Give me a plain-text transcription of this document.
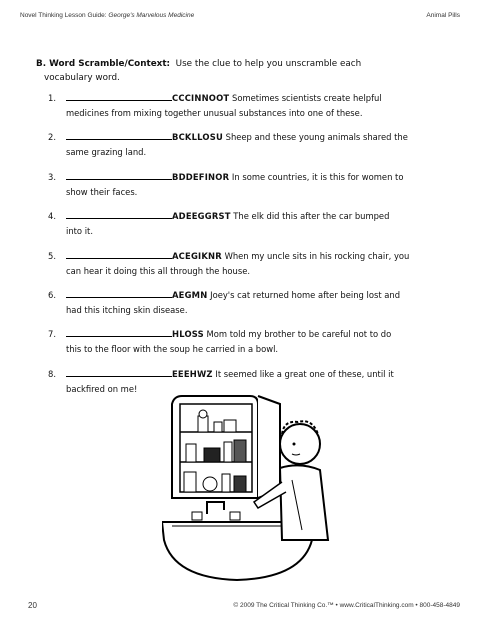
Novel Thinking Lesson Guide: George's Marvelous Medicine	Animal Pills
B. Word Scramble/Context: Use the clue to help you unscramble each
vocabulary word.
1.	CCCINNOOT Sometimes scientists create helpful
medicines from mixing together unusual substances into one of these.
2.	BCKLLOSU Sheep and these young animals shared the
same grazing land.
3.	BDDEFINOR In some countries, it is this for women to
show their faces.
4.	ADEEGGRST The elk did this after the car bumped
into it.
5.	ACEGIKNR When my uncle sits in his rocking chair, you
can hear it doing this all through the house.
6.	AEGMN Joey's cat returned home after being lost and
had this itching skin disease.
7.	HLOSS Mom told my brother to be careful not to do
this to the floor with the soup he carried in a bowl.
8.	EEEHWZ It seemed like a great one of these, until it
backfired on me!
20	© 2009 The Critical Thinking Co.™ • www.CriticalThinking.com • 800-458-4849
